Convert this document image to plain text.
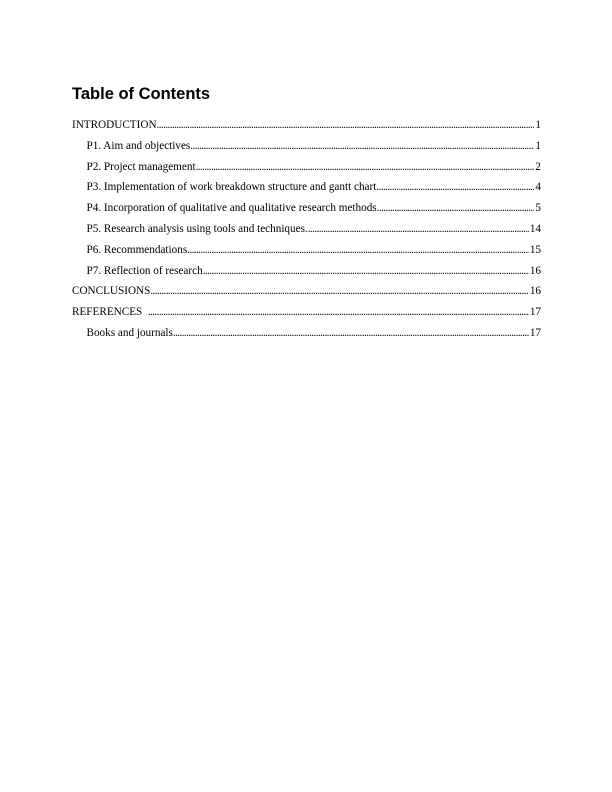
Table of Contents
INTRODUCTION .....	1
P1. Aim and objectives .....	1
P2. Project management .....	2
P3. Implementation of work breakdown structure and gantt chart .....	4
P4. Incorporation of qualitative and qualitative research methods .....	5
P5. Research analysis using tools and techniques. .....	14
P6. Recommendations .....	15
P7. Reflection of research .....	16
CONCLUSIONS .....	16
REFERENCES .....	17
Books and journals .....	17
